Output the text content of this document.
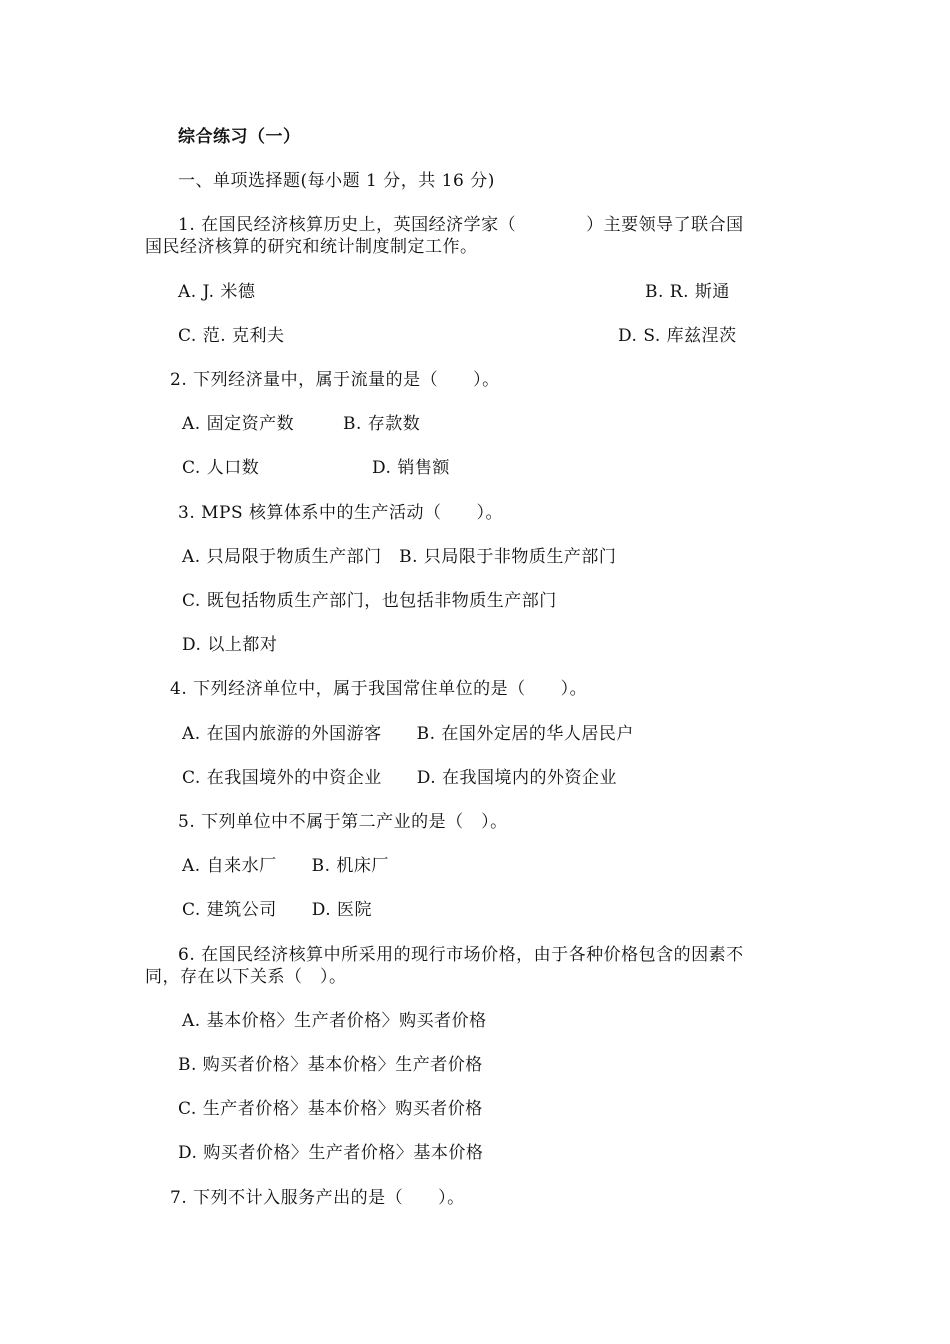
综合练习（一）
一、单项选择题(每小题 1 分，共 16 分)
1. 在国民经济核算历史上，英国经济学家（　　　　）主要领导了联合国
国民经济核算的研究和统计制度制定工作。
A. J. 米德	B. R. 斯通
C. 范. 克利夫	D. S. 库兹涅茨
2. 下列经济量中，属于流量的是（　　）。
A. 固定资产数	B. 存款数
C. 人口数	D. 销售额
3. MPS 核算体系中的生产活动（　　）。
A. 只局限于物质生产部门　B. 只局限于非物质生产部门
C. 既包括物质生产部门，也包括非物质生产部门
D. 以上都对
4. 下列经济单位中，属于我国常住单位的是（　　）。
A. 在国内旅游的外国游客　　B. 在国外定居的华人居民户
C. 在我国境外的中资企业　　D. 在我国境内的外资企业
5. 下列单位中不属于第二产业的是（　）。
A. 自来水厂　　B. 机床厂
C. 建筑公司　　D. 医院
6. 在国民经济核算中所采用的现行市场价格，由于各种价格包含的因素不
同，存在以下关系（　）。
A. 基本价格〉生产者价格〉购买者价格
B. 购买者价格〉基本价格〉生产者价格
C. 生产者价格〉基本价格〉购买者价格
D. 购买者价格〉生产者价格〉基本价格
7. 下列不计入服务产出的是（　　）。
